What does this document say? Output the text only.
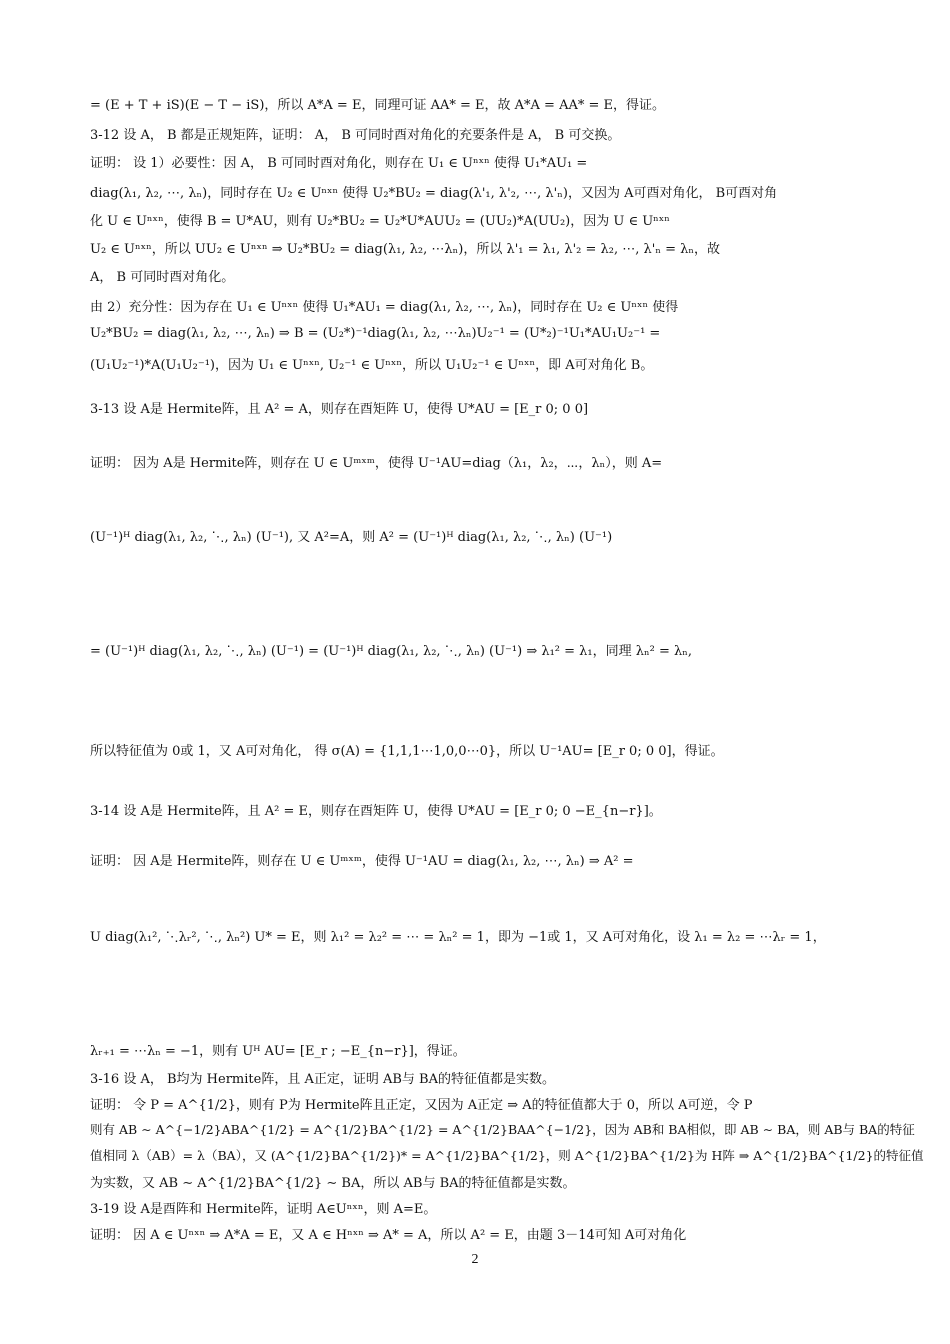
= (E + T + iS)(E − T − iS)，所以 A*A = E，同理可证 AA* = E，故 A*A = AA* = E，得证。
3-12 设 A， B 都是正规矩阵，证明： A， B 可同时酉对角化的充要条件是 A， B 可交换。
证明： 设 1）必要性：因 A， B 可同时酉对角化，则存在 U₁ ∈ Uⁿˣⁿ 使得 U₁*AU₁ =
diag(λ₁, λ₂, ⋯, λₙ)，同时存在 U₂ ∈ Uⁿˣⁿ 使得 U₂*BU₂ = diag(λ'₁, λ'₂, ⋯, λ'ₙ)，又因为 A可酉对角化， B可酉对角
化 U ∈ Uⁿˣⁿ，使得 B = U*AU，则有 U₂*BU₂ = U₂*U*AUU₂ = (UU₂)*A(UU₂)，因为 U ∈ Uⁿˣⁿ
U₂ ∈ Uⁿˣⁿ，所以 UU₂ ∈ Uⁿˣⁿ ⇒ U₂*BU₂ = diag(λ₁, λ₂, ⋯λₙ)，所以 λ'₁ = λ₁, λ'₂ = λ₂, ⋯, λ'ₙ = λₙ，故
A， B 可同时酉对角化。
由 2）充分性：因为存在 U₁ ∈ Uⁿˣⁿ 使得 U₁*AU₁ = diag(λ₁, λ₂, ⋯, λₙ)，同时存在 U₂ ∈ Uⁿˣⁿ 使得
U₂*BU₂ = diag(λ₁, λ₂, ⋯, λₙ) ⇒ B = (U₂*)⁻¹diag(λ₁, λ₂, ⋯λₙ)U₂⁻¹ = (U*₂)⁻¹U₁*AU₁U₂⁻¹ =
(U₁U₂⁻¹)*A(U₁U₂⁻¹)，因为 U₁ ∈ Uⁿˣⁿ, U₂⁻¹ ∈ Uⁿˣⁿ，所以 U₁U₂⁻¹ ∈ Uⁿˣⁿ，即 A可对角化 B。
3-13 设 A是 Hermite阵，且 A² = A，则存在酉矩阵 U，使得 U*AU = [E_r 0; 0 0]
证明： 因为 A是 Hermite阵，则存在 U ∈ Uᵐˣᵐ，使得 U⁻¹AU=diag（λ₁，λ₂，⋯，λₙ），则 A=
(U⁻¹)ᴴ diag(λ₁, λ₂, ⋱, λₙ) (U⁻¹), 又 A²=A，则 A² = (U⁻¹)ᴴ diag(λ₁, λ₂, ⋱, λₙ) (U⁻¹)
= (U⁻¹)ᴴ diag(λ₁, λ₂, ⋱, λₙ) (U⁻¹) = (U⁻¹)ᴴ diag(λ₁, λ₂, ⋱, λₙ) (U⁻¹) ⇒ λ₁² = λ₁，同理 λₙ² = λₙ,
所以特征值为 0或 1，又 A可对角化， 得 σ(A) = {1,1,1⋯1,0,0⋯0}，所以 U⁻¹AU= [E_r 0; 0 0]，得证。
3-14 设 A是 Hermite阵，且 A² = E，则存在酉矩阵 U，使得 U*AU = [E_r 0; 0 −E_{n−r}]。
证明： 因 A是 Hermite阵，则存在 U ∈ Uᵐˣᵐ，使得 U⁻¹AU = diag(λ₁, λ₂, ⋯, λₙ) ⇒ A² =
U diag(λ₁², ⋱λᵣ², ⋱, λₙ²) U* = E，则 λ₁² = λ₂² = ⋯ = λₙ² = 1，即为 −1或 1，又 A可对角化，设 λ₁ = λ₂ = ⋯λᵣ = 1，
λᵣ₊₁ = ⋯λₙ = −1，则有 Uᴴ AU= [E_r ; −E_{n−r}]，得证。
3-16 设 A， B均为 Hermite阵，且 A正定，证明 AB与 BA的特征值都是实数。
证明： 令 P = A^{1/2}，则有 P为 Hermite阵且正定，又因为 A正定 ⇒ A的特征值都大于 0，所以 A可逆，令 P
则有 AB ∼ A^{−1/2}ABA^{1/2} = A^{1/2}BA^{1/2} = A^{1/2}BAA^{−1/2}，因为 AB和 BA相似，即 AB ∼ BA，则 AB与 BA的特征
值相同 λ（AB）= λ（BA），又 (A^{1/2}BA^{1/2})* = A^{1/2}BA^{1/2}，则 A^{1/2}BA^{1/2}为 H阵 ⇒ A^{1/2}BA^{1/2}的特征值
为实数，又 AB ∼ A^{1/2}BA^{1/2} ∼ BA，所以 AB与 BA的特征值都是实数。
3-19 设 A是酉阵和 Hermite阵，证明 A∈Uⁿˣⁿ，则 A=E。
证明： 因 A ∈ Uⁿˣⁿ ⇒ A*A = E，又 A ∈ Hⁿˣⁿ ⇒ A* = A，所以 A² = E，由题 3－14可知 A可对角化
2
